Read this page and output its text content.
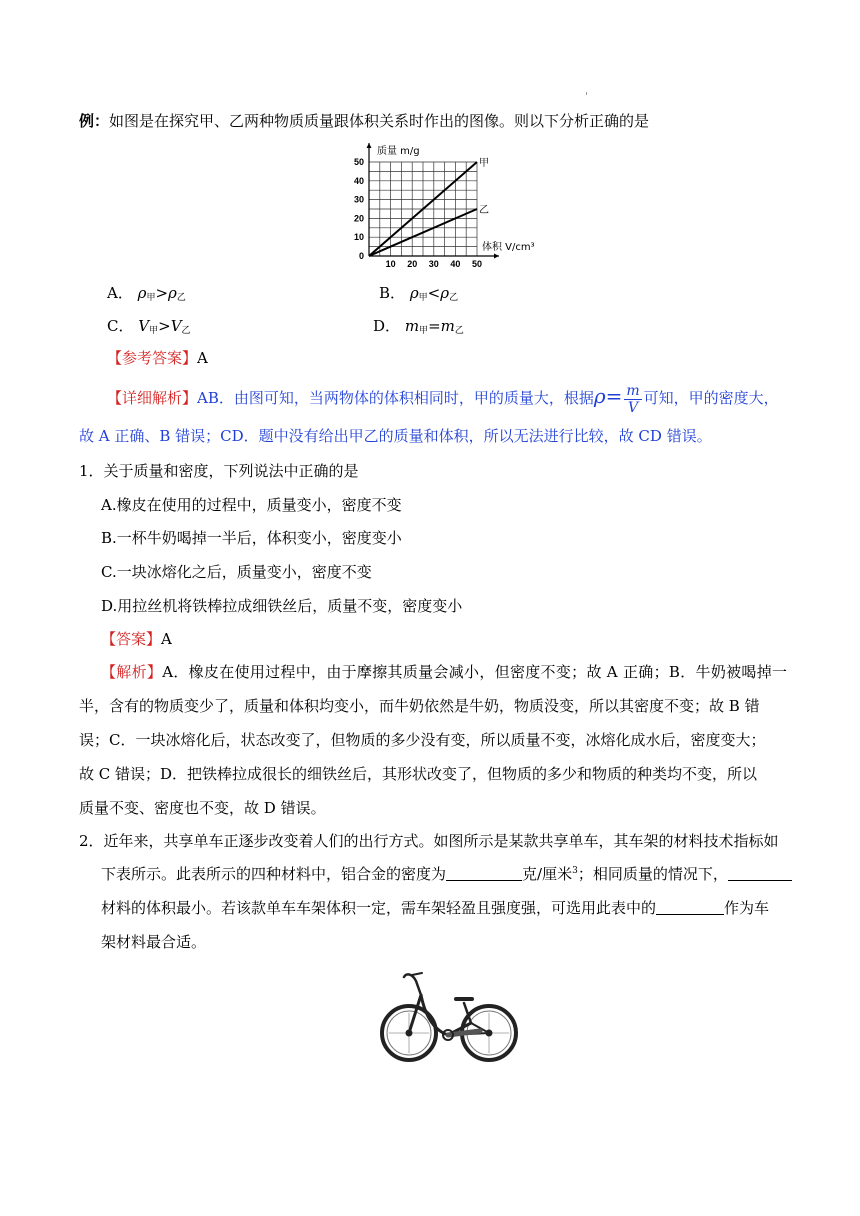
例：如图是在探究甲、乙两种物质质量跟体积关系时作出的图像。则以下分析正确的是
甲
乙
10 20 30 40 50
0
10
20
30
40
50
质量 m/g
体积 V/cm³
A． $\rho_甲>\rho_乙$	B． $\rho_甲<\rho_乙$
C． $V_甲>V_乙$	D． $m_甲=m_乙$
【参考答案】A
【详细解析】AB．由图可知，当两物体的体积相同时，甲的质量大，根据$\rho= \frac{m}{V}$ 可知，甲的密度大，
故 A 正确、B 错误；CD．题中没有给出甲乙的质量和体积，所以无法进行比较，故 CD 错误。
1．关于质量和密度，下列说法中正确的是
A.橡皮在使用的过程中，质量变小，密度不变
B.一杯牛奶喝掉一半后，体积变小，密度变小
C.一块冰熔化之后，质量变小，密度不变
D.用拉丝机将铁棒拉成细铁丝后，质量不变，密度变小
【答案】A
【解析】A．橡皮在使用过程中，由于摩擦其质量会减小，但密度不变；故 A 正确；B．牛奶被喝掉一
半，含有的物质变少了，质量和体积均变小，而牛奶依然是牛奶，物质没变，所以其密度不变；故 B 错
误；C．一块冰熔化后，状态改变了，但物质的多少没有变，所以质量不变，冰熔化成水后，密度变大；
故 C 错误；D．把铁棒拉成很长的细铁丝后，其形状改变了，但物质的多少和物质的种类均不变，所以
质量不变、密度也不变，故 D 错误。
2．近年来，共享单车正逐步改变着人们的出行方式。如图所示是某款共享单车，其车架的材料技术指标如
下表所示。此表所示的四种材料中，铝合金的密度为	克/厘米$^3$；相同质量的情况下，
材料的体积最小。若该款单车车架体积一定，需车架轻盈且强度强，可选用此表中的	作为车
架材料最合适。
